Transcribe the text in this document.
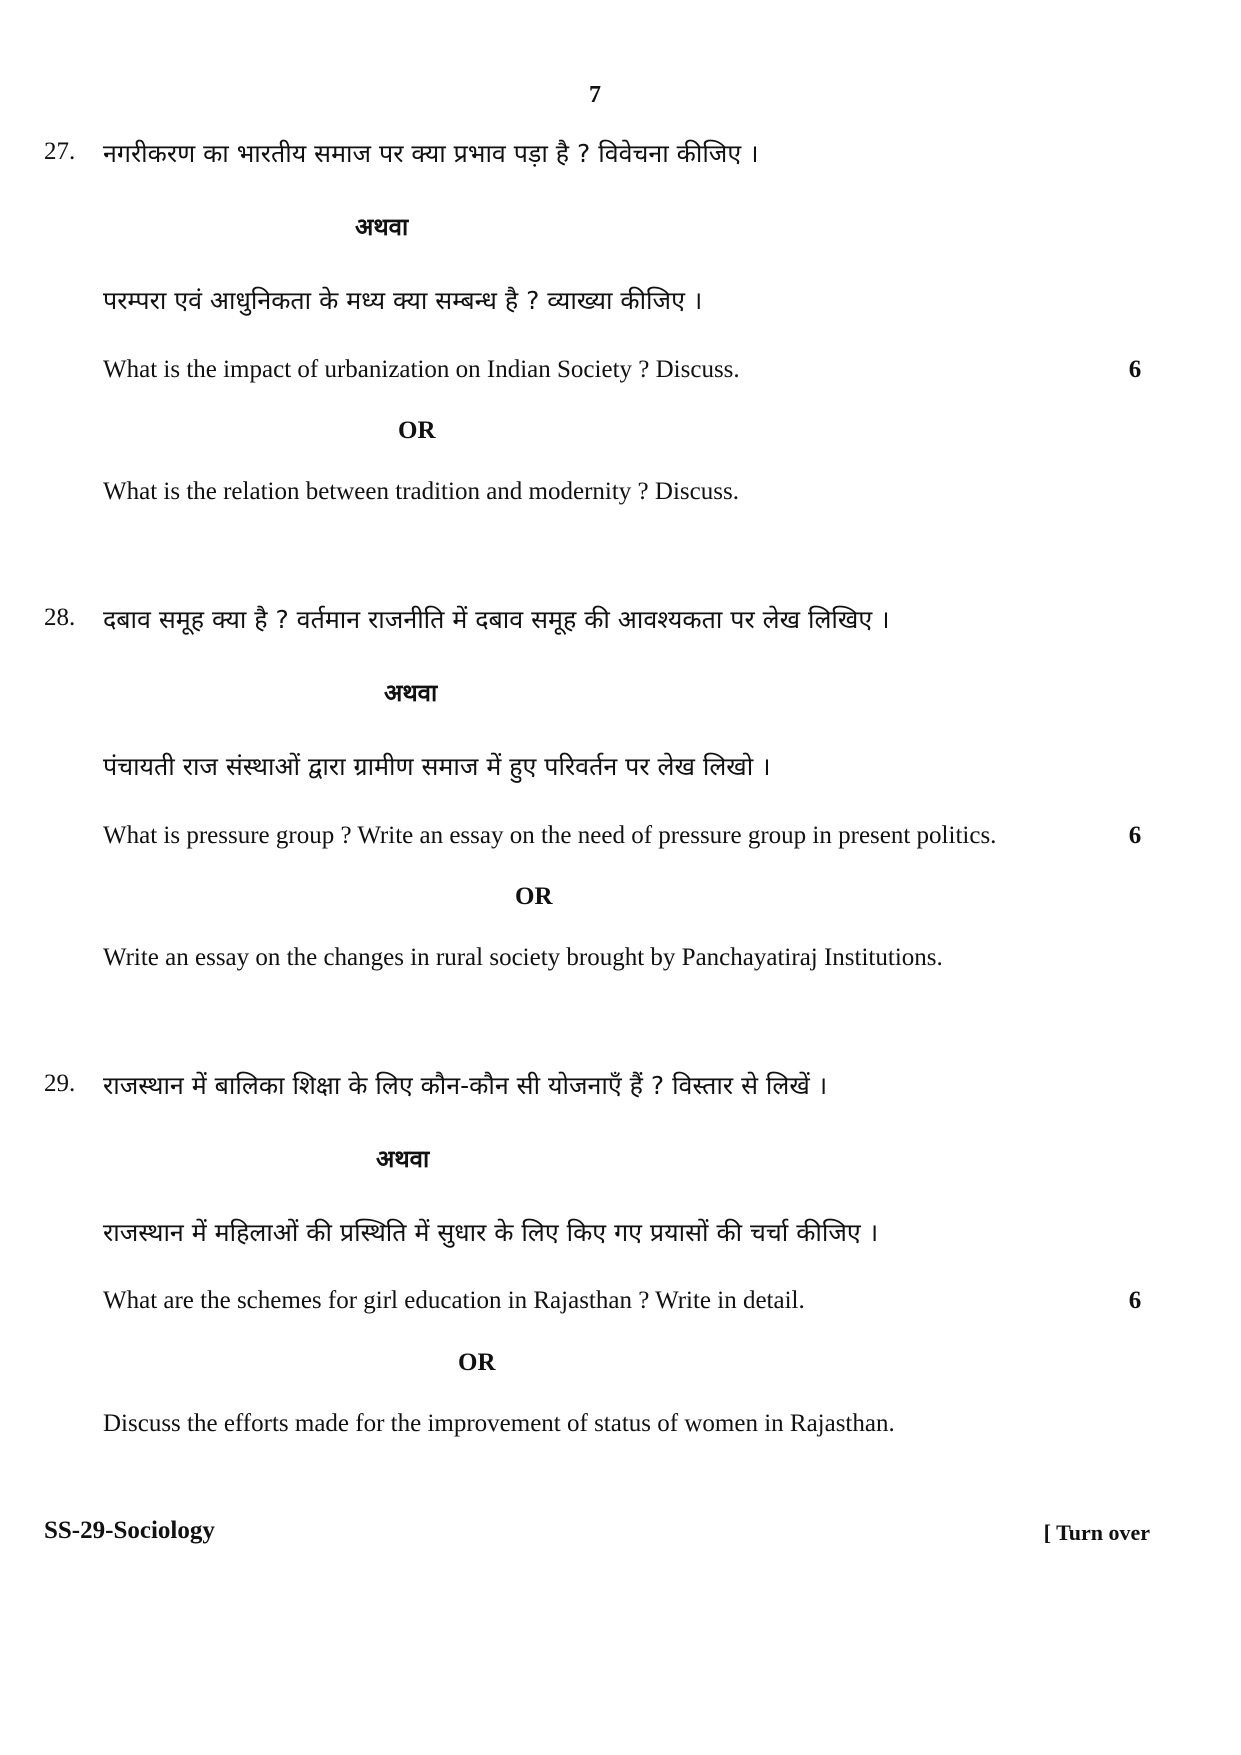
7
27. नगरीकरण का भारतीय समाज पर क्या प्रभाव पड़ा है ? विवेचना कीजिए ।
अथवा
परम्परा एवं आधुनिकता के मध्य क्या सम्बन्ध है ? व्याख्या कीजिए ।
What is the impact of urbanization on Indian Society ? Discuss.	6
OR
What is the relation between tradition and modernity ? Discuss.
28. दबाव समूह क्या है ? वर्तमान राजनीति में दबाव समूह की आवश्यकता पर लेख लिखिए ।
अथवा
पंचायती राज संस्थाओं द्वारा ग्रामीण समाज में हुए परिवर्तन पर लेख लिखो ।
What is pressure group ? Write an essay on the need of pressure group in present politics.	6
OR
Write an essay on the changes in rural society brought by Panchayatiraj Institutions.
29. राजस्थान में बालिका शिक्षा के लिए कौन-कौन सी योजनाएँ हैं ? विस्तार से लिखें ।
अथवा
राजस्थान में महिलाओं की प्रस्थिति में सुधार के लिए किए गए प्रयासों की चर्चा कीजिए ।
What are the schemes for girl education in Rajasthan ? Write in detail.	6
OR
Discuss the efforts made for the improvement of status of women in Rajasthan.
SS-29-Sociology	[ Turn over
